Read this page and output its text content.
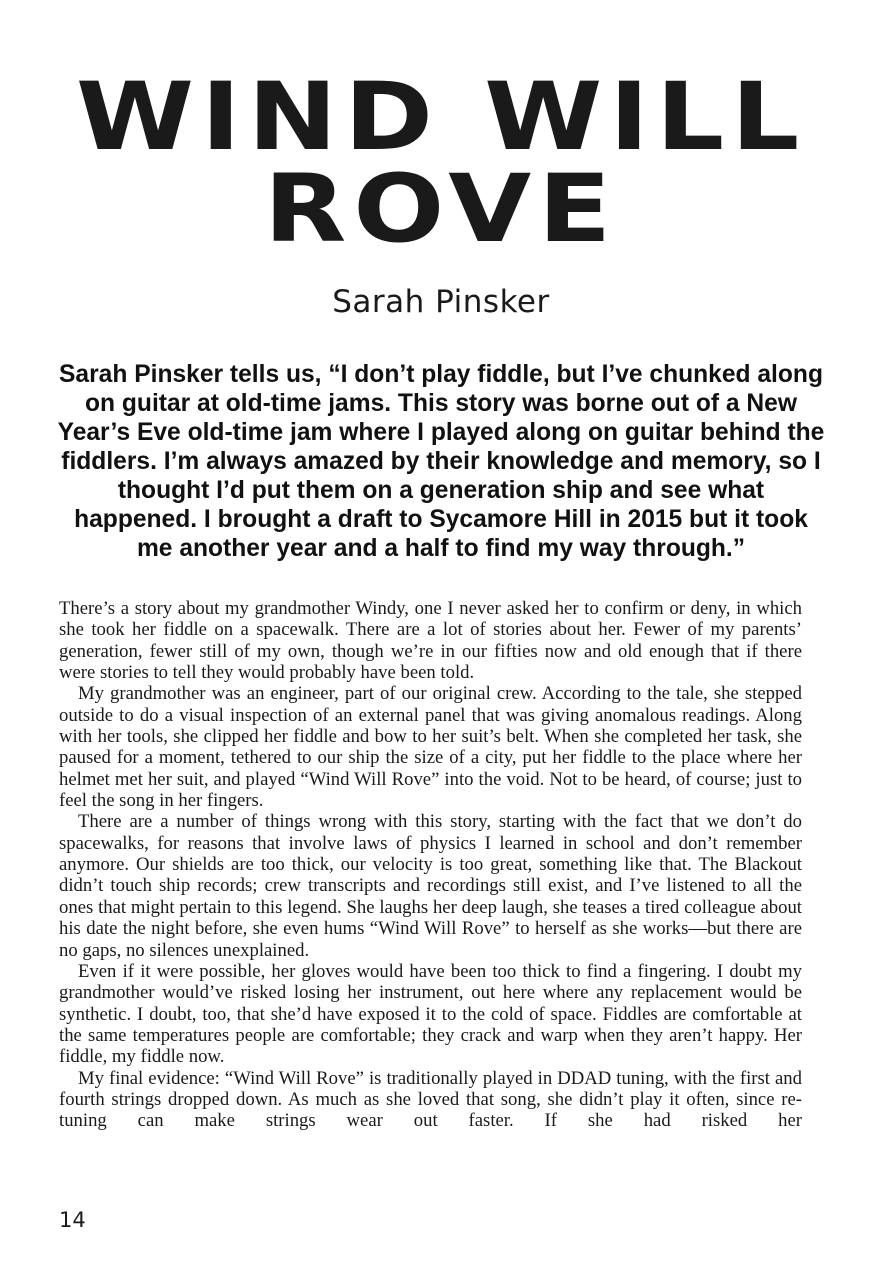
WIND WILL
ROVE
Sarah Pinsker
Sarah Pinsker tells us, “I don’t play fiddle, but I’ve chunked along on guitar at old-time jams. This story was borne out of a New Year’s Eve old-time jam where I played along on guitar behind the fiddlers. I’m always amazed by their knowledge and memory, so I thought I’d put them on a generation ship and see what happened. I brought a draft to Sycamore Hill in 2015 but it took me another year and a half to find my way through.”

There’s a story about my grandmother Windy, one I never asked her to confirm or deny, in which she took her fiddle on a spacewalk. There are a lot of stories about her. Fewer of my parents’ generation, fewer still of my own, though we’re in our fifties now and old enough that if there were stories to tell they would probably have been told.

My grandmother was an engineer, part of our original crew. According to the tale, she stepped outside to do a visual inspection of an external panel that was giving anomalous readings. Along with her tools, she clipped her fiddle and bow to her suit’s belt. When she completed her task, she paused for a moment, tethered to our ship the size of a city, put her fiddle to the place where her helmet met her suit, and played “Wind Will Rove” into the void. Not to be heard, of course; just to feel the song in her fingers.

There are a number of things wrong with this story, starting with the fact that we don’t do spacewalks, for reasons that involve laws of physics I learned in school and don’t remember anymore. Our shields are too thick, our velocity is too great, something like that. The Blackout didn’t touch ship records; crew transcripts and recordings still exist, and I’ve listened to all the ones that might pertain to this legend. She laughs her deep laugh, she teases a tired colleague about his date the night before, she even hums “Wind Will Rove” to herself as she works—but there are no gaps, no silences unexplained.

Even if it were possible, her gloves would have been too thick to find a fingering. I doubt my grandmother would’ve risked losing her instrument, out here where any replacement would be synthetic. I doubt, too, that she’d have exposed it to the cold of space. Fiddles are comfortable at the same temperatures people are comfortable; they crack and warp when they aren’t happy. Her fiddle, my fiddle now.

My final evidence: “Wind Will Rove” is traditionally played in DDAD tuning, with the first and fourth strings dropped down. As much as she loved that song, she didn’t play it often, since re-tuning can make strings wear out faster. If she had risked her

14
